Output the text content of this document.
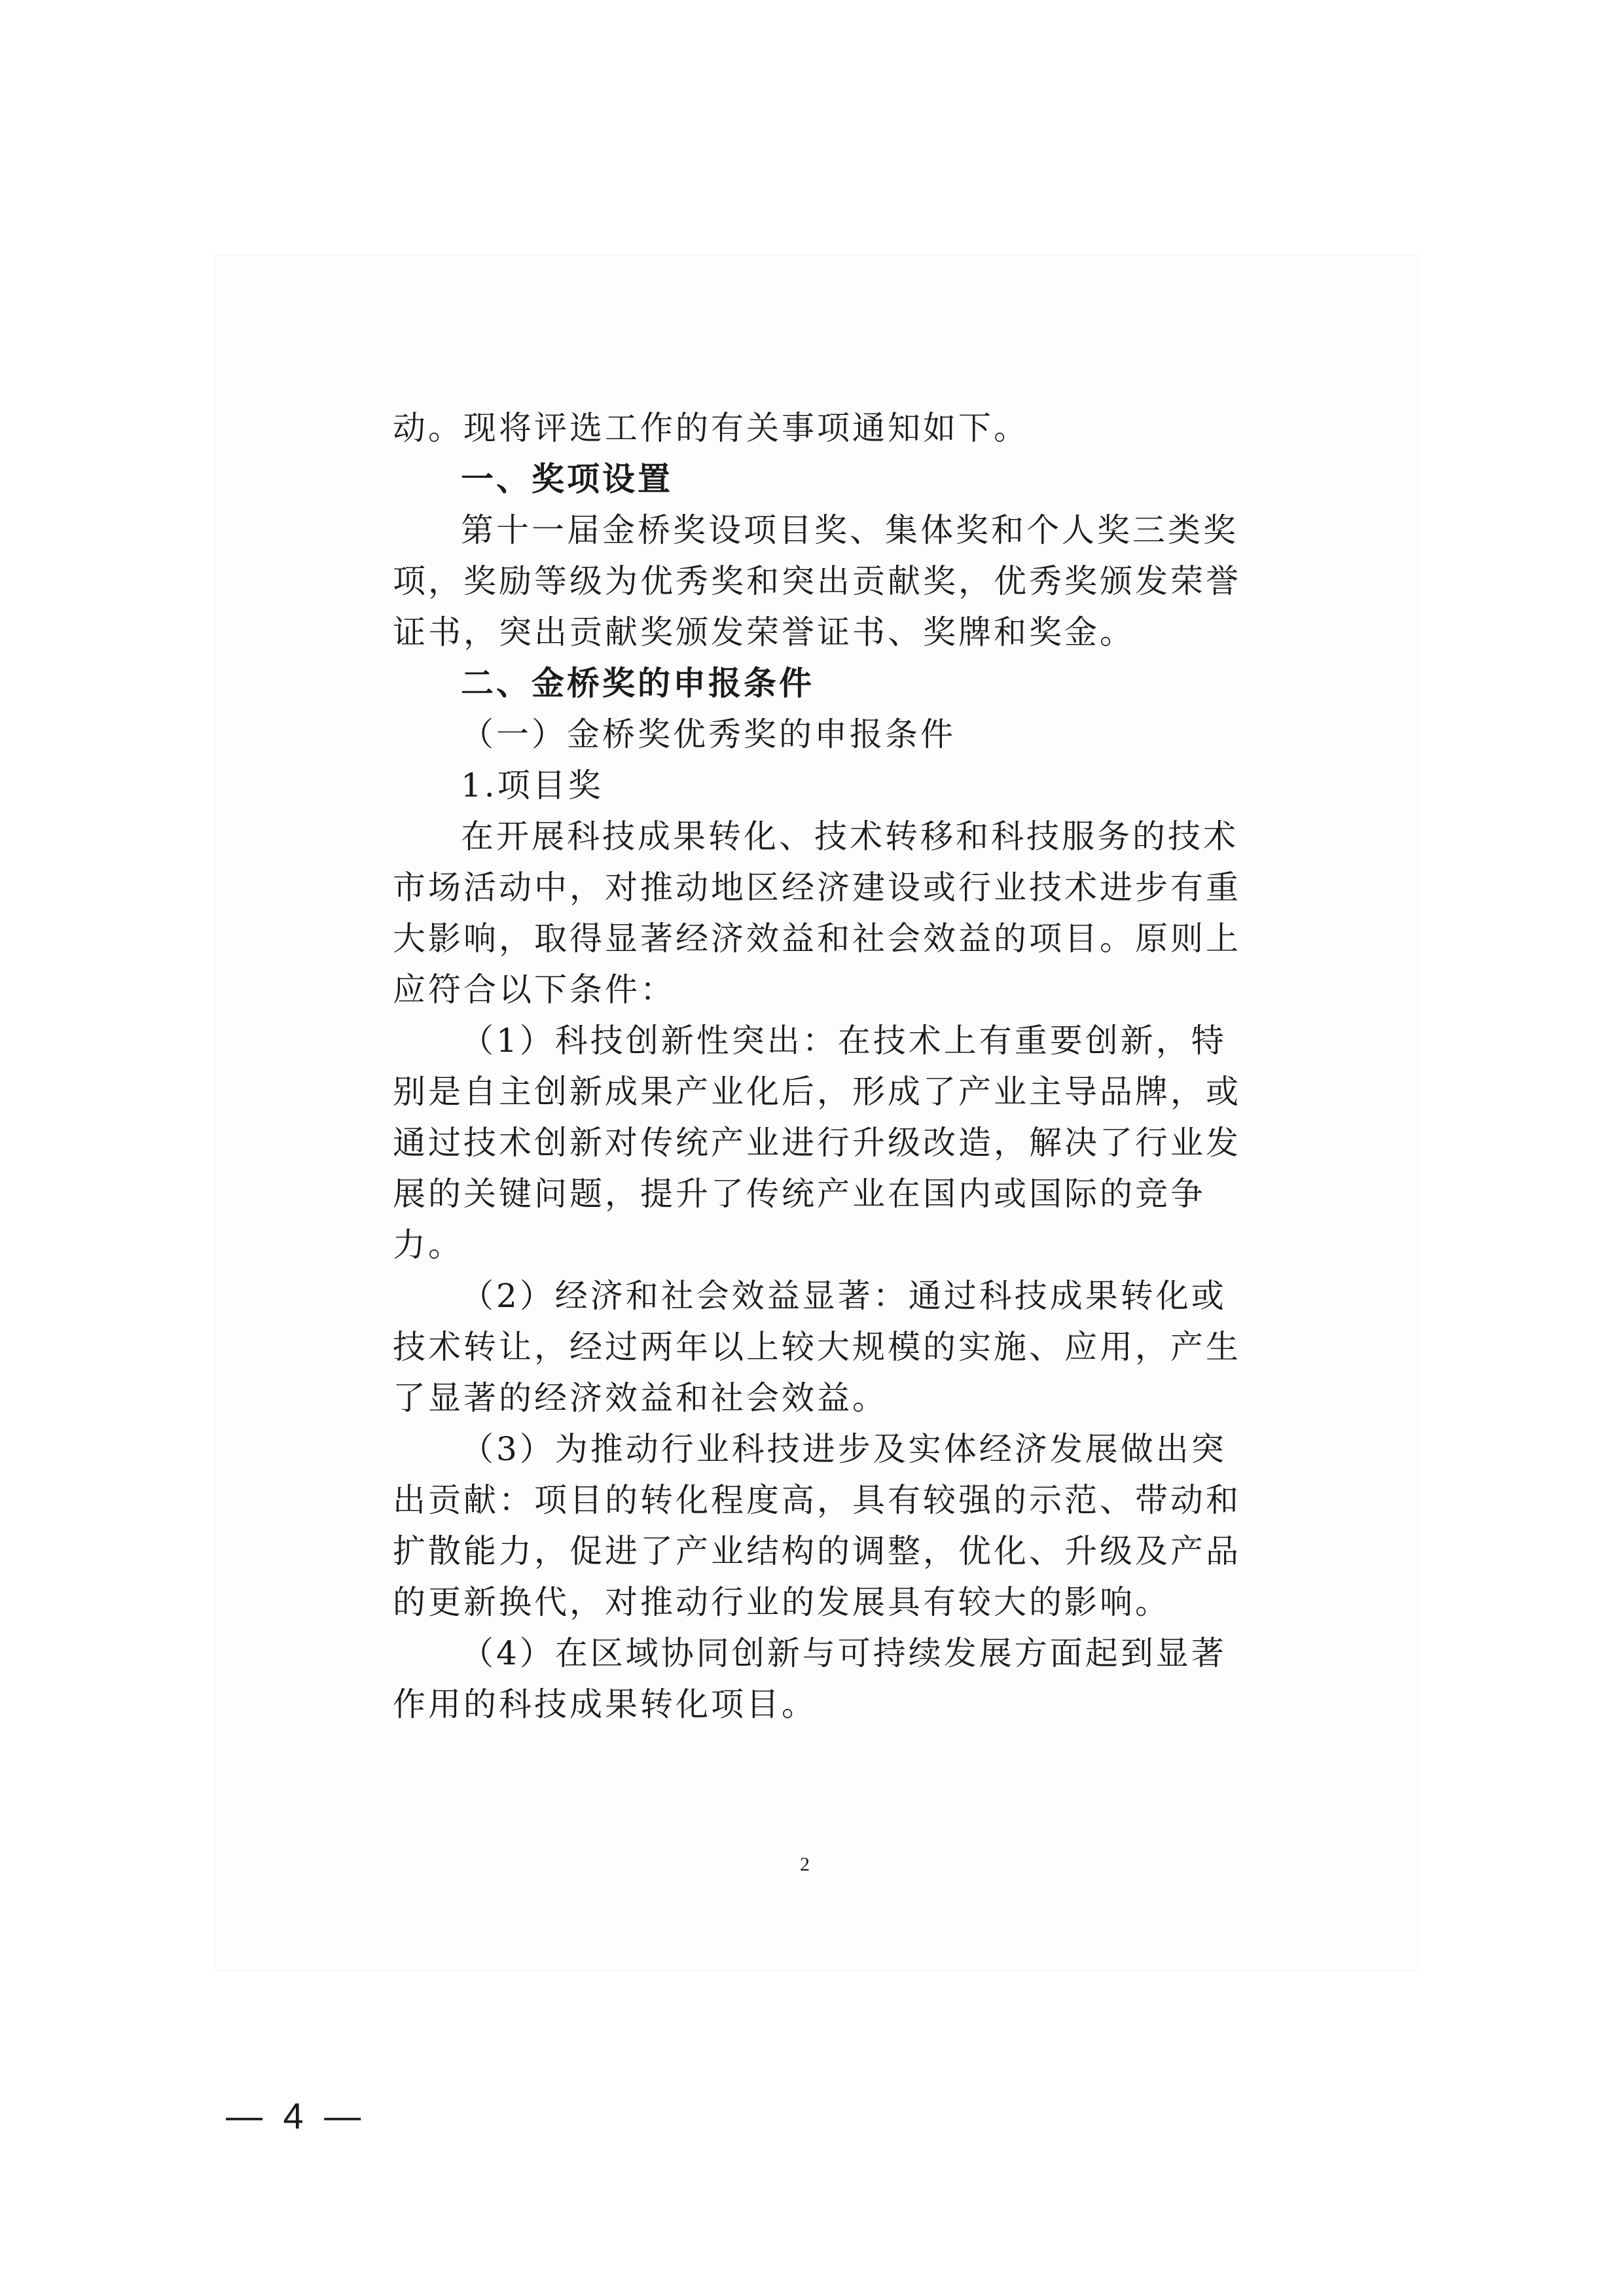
动。现将评选工作的有关事项通知如下。

一、奖项设置

第十一届金桥奖设项目奖、集体奖和个人奖三类奖项，奖励等级为优秀奖和突出贡献奖，优秀奖颁发荣誉证书，突出贡献奖颁发荣誉证书、奖牌和奖金。

二、金桥奖的申报条件

（一）金桥奖优秀奖的申报条件

1.项目奖

在开展科技成果转化、技术转移和科技服务的技术市场活动中，对推动地区经济建设或行业技术进步有重大影响，取得显著经济效益和社会效益的项目。原则上应符合以下条件：

（1）科技创新性突出：在技术上有重要创新，特别是自主创新成果产业化后，形成了产业主导品牌，或通过技术创新对传统产业进行升级改造，解决了行业发展的关键问题，提升了传统产业在国内或国际的竞争力。

（2）经济和社会效益显著：通过科技成果转化或技术转让，经过两年以上较大规模的实施、应用，产生了显著的经济效益和社会效益。

（3）为推动行业科技进步及实体经济发展做出突出贡献：项目的转化程度高，具有较强的示范、带动和扩散能力，促进了产业结构的调整，优化、升级及产品的更新换代，对推动行业的发展具有较大的影响。

（4）在区域协同创新与可持续发展方面起到显著作用的科技成果转化项目。

2
— 4 —
